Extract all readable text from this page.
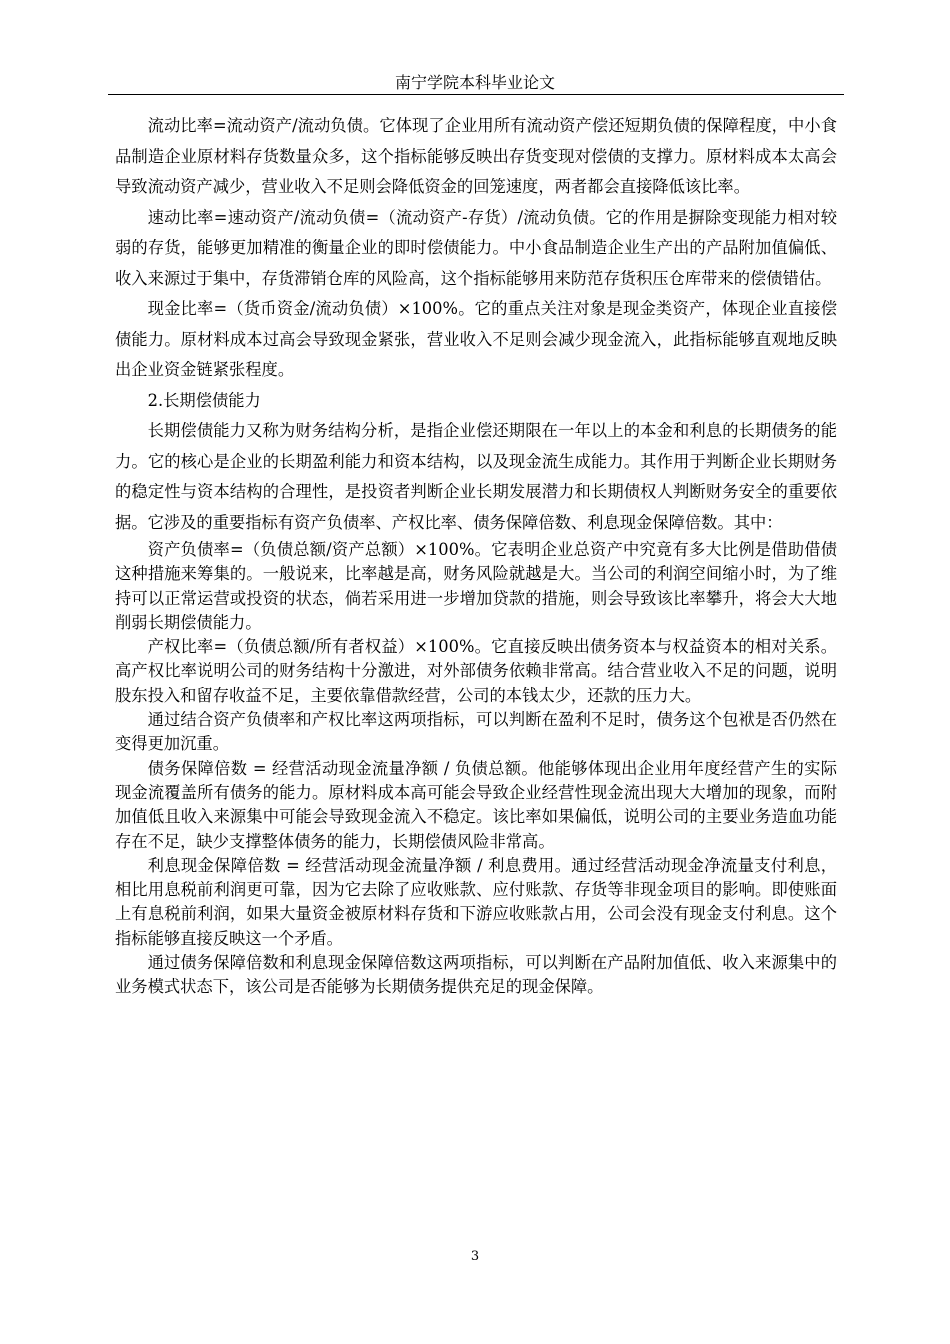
南宁学院本科毕业论文

流动比率=流动资产/流动负债。它体现了企业用所有流动资产偿还短期负债的保障程度，中小食品制造企业原材料存货数量众多，这个指标能够反映出存货变现对偿债的支撑力。原材料成本太高会导致流动资产减少，营业收入不足则会降低资金的回笼速度，两者都会直接降低该比率。

速动比率=速动资产/流动负债=（流动资产-存货）/流动负债。它的作用是摒除变现能力相对较弱的存货，能够更加精准的衡量企业的即时偿债能力。中小食品制造企业生产出的产品附加值偏低、收入来源过于集中，存货滞销仓库的风险高，这个指标能够用来防范存货积压仓库带来的偿债错估。

现金比率=（货币资金/流动负债）×100%。它的重点关注对象是现金类资产，体现企业直接偿债能力。原材料成本过高会导致现金紧张，营业收入不足则会减少现金流入，此指标能够直观地反映出企业资金链紧张程度。

2.长期偿债能力

长期偿债能力又称为财务结构分析，是指企业偿还期限在一年以上的本金和利息的长期债务的能力。它的核心是企业的长期盈利能力和资本结构，以及现金流生成能力。其作用于判断企业长期财务的稳定性与资本结构的合理性，是投资者判断企业长期发展潜力和长期债权人判断财务安全的重要依据。它涉及的重要指标有资产负债率、产权比率、债务保障倍数、利息现金保障倍数。其中：

资产负债率=（负债总额/资产总额）×100%。它表明企业总资产中究竟有多大比例是借助借债这种措施来筹集的。一般说来，比率越是高，财务风险就越是大。当公司的利润空间缩小时，为了维持可以正常运营或投资的状态，倘若采用进一步增加贷款的措施，则会导致该比率攀升，将会大大地削弱长期偿债能力。

产权比率=（负债总额/所有者权益）×100%。它直接反映出债务资本与权益资本的相对关系。高产权比率说明公司的财务结构十分激进，对外部债务依赖非常高。结合营业收入不足的问题，说明股东投入和留存收益不足，主要依靠借款经营，公司的本钱太少，还款的压力大。

通过结合资产负债率和产权比率这两项指标，可以判断在盈利不足时，债务这个包袱是否仍然在变得更加沉重。

债务保障倍数 = 经营活动现金流量净额 / 负债总额。他能够体现出企业用年度经营产生的实际现金流覆盖所有债务的能力。原材料成本高可能会导致企业经营性现金流出现大大增加的现象，而附加值低且收入来源集中可能会导致现金流入不稳定。该比率如果偏低，说明公司的主要业务造血功能存在不足，缺少支撑整体债务的能力，长期偿债风险非常高。

利息现金保障倍数 = 经营活动现金流量净额 / 利息费用。通过经营活动现金净流量支付利息，相比用息税前利润更可靠，因为它去除了应收账款、应付账款、存货等非现金项目的影响。即使账面上有息税前利润，如果大量资金被原材料存货和下游应收账款占用，公司会没有现金支付利息。这个指标能够直接反映这一个矛盾。

通过债务保障倍数和利息现金保障倍数这两项指标，可以判断在产品附加值低、收入来源集中的业务模式状态下，该公司是否能够为长期债务提供充足的现金保障。

3
